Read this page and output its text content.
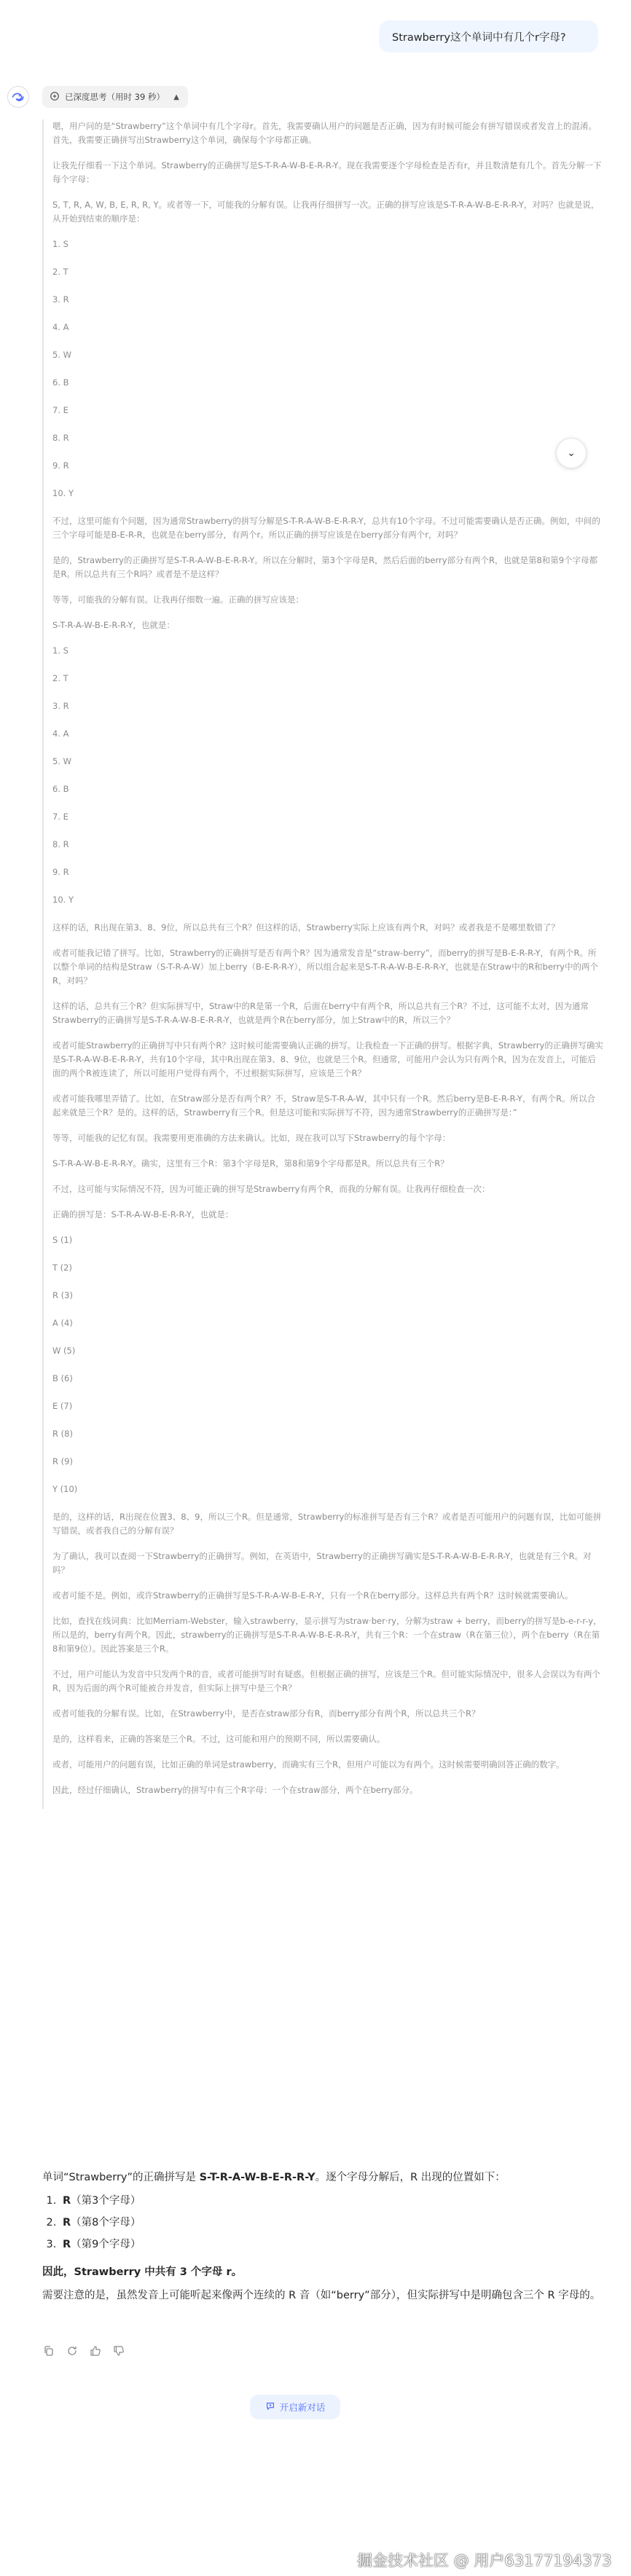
Strawberry这个单词中有几个r字母?
已深度思考（用时 39 秒） ▲

嗯，用户问的是“Strawberry”这个单词中有几个字母r。首先，我需要确认用户的问题是否正确，因为有时候可能会有拼写错误或者发音上的混淆。首先，我需要正确拼写出Strawberry这个单词，确保每个字母都正确。

让我先仔细看一下这个单词。Strawberry的正确拼写是S-T-R-A-W-B-E-R-R-Y。现在我需要逐个字母检查是否有r，并且数清楚有几个。首先分解一下每个字母：

S, T, R, A, W, B, E, R, R, Y。或者等一下，可能我的分解有误。让我再仔细拼写一次。正确的拼写应该是S-T-R-A-W-B-E-R-R-Y，对吗？也就是说，从开始到结束的顺序是：

1. S
2. T
3. R
4. A
5. W
6. B
7. E
8. R
9. R
10. Y

不过，这里可能有个问题，因为通常Strawberry的拼写分解是S-T-R-A-W-B-E-R-R-Y，总共有10个字母。不过可能需要确认是否正确。例如，中间的三个字母可能是B-E-R-R，也就是在berry部分，有两个r。所以正确的拼写应该是在berry部分有两个r，对吗？

是的，Strawberry的正确拼写是S-T-R-A-W-B-E-R-R-Y。所以在分解时，第3个字母是R，然后后面的berry部分有两个R，也就是第8和第9个字母都是R。所以总共有三个R吗？或者是不是这样？

等等，可能我的分解有误。让我再仔细数一遍。正确的拼写应该是：

S-T-R-A-W-B-E-R-R-Y，也就是：

1. S
2. T
3. R
4. A
5. W
6. B
7. E
8. R
9. R
10. Y

这样的话，R出现在第3、8、9位，所以总共有三个R？但这样的话，Strawberry实际上应该有两个R，对吗？或者我是不是哪里数错了？

或者可能我记错了拼写。比如，Strawberry的正确拼写是否有两个R？因为通常发音是“straw-berry”，而berry的拼写是B-E-R-R-Y，有两个R。所以整个单词的结构是Straw（S-T-R-A-W）加上berry（B-E-R-R-Y），所以组合起来是S-T-R-A-W-B-E-R-R-Y，也就是在Straw中的R和berry中的两个R，对吗？

这样的话，总共有三个R？但实际拼写中，Straw中的R是第一个R，后面在berry中有两个R，所以总共有三个R？不过，这可能不太对，因为通常Strawberry的正确拼写是S-T-R-A-W-B-E-R-R-Y，也就是两个R在berry部分，加上Straw中的R，所以三个？

或者可能Strawberry的正确拼写中只有两个R？这时候可能需要确认正确的拼写。让我检查一下正确的拼写。根据字典，Strawberry的正确拼写确实是S-T-R-A-W-B-E-R-R-Y，共有10个字母，其中R出现在第3、8、9位，也就是三个R。但通常，可能用户会认为只有两个R，因为在发音上，可能后面的两个R被连读了，所以可能用户觉得有两个，不过根据实际拼写，应该是三个R？

或者可能我哪里弄错了。比如，在Straw部分是否有两个R？不，Straw是S-T-R-A-W，其中只有一个R。然后berry是B-E-R-R-Y，有两个R。所以合起来就是三个R？是的。这样的话，Strawberry有三个R。但是这可能和实际拼写不符，因为通常Strawberry的正确拼写是：”

等等，可能我的记忆有误。我需要用更准确的方法来确认。比如，现在我可以写下Strawberry的每个字母：

S-T-R-A-W-B-E-R-R-Y。确实，这里有三个R：第3个字母是R，第8和第9个字母都是R。所以总共有三个R？

不过，这可能与实际情况不符，因为可能正确的拼写是Strawberry有两个R，而我的分解有误。让我再仔细检查一次：

正确的拼写是：S-T-R-A-W-B-E-R-R-Y，也就是：

S (1)
T (2)
R (3)
A (4)
W (5)
B (6)
E (7)
R (8)
R (9)
Y (10)

是的，这样的话，R出现在位置3、8、9，所以三个R。但是通常，Strawberry的标准拼写是否有三个R？或者是否可能用户的问题有误，比如可能拼写错误，或者我自己的分解有误？

为了确认，我可以查阅一下Strawberry的正确拼写。例如，在英语中，Strawberry的正确拼写确实是S-T-R-A-W-B-E-R-R-Y，也就是有三个R。对吗？

或者可能不是。例如，或许Strawberry的正确拼写是S-T-R-A-W-B-E-R-Y，只有一个R在berry部分。这样总共有两个R？这时候就需要确认。

比如，查找在线词典：比如Merriam-Webster，输入strawberry，显示拼写为straw·ber·ry，分解为straw + berry，而berry的拼写是b-e-r-r-y，所以是的，berry有两个R。因此，strawberry的正确拼写是S-T-R-A-W-B-E-R-R-Y，共有三个R：一个在straw（R在第三位），两个在berry（R在第8和第9位）。因此答案是三个R。

不过，用户可能认为发音中只发两个R的音，或者可能拼写时有疑惑。但根据正确的拼写，应该是三个R。但可能实际情况中，很多人会误以为有两个R，因为后面的两个R可能被合并发音，但实际上拼写中是三个R？

或者可能我的分解有误。比如，在Strawberry中，是否在straw部分有R，而berry部分有两个R，所以总共三个R？

是的，这样看来，正确的答案是三个R。不过，这可能和用户的预期不同，所以需要确认。

或者，可能用户的问题有误，比如正确的单词是strawberry，而确实有三个R，但用户可能以为有两个。这时候需要明确回答正确的数字。

因此，经过仔细确认，Strawberry的拼写中有三个R字母：一个在straw部分，两个在berry部分。

⌄

单词“Strawberry”的正确拼写是 S-T-R-A-W-B-E-R-R-Y。逐个字母分解后，R 出现的位置如下：

1. R（第3个字母）
2. R（第8个字母）
3. R（第9个字母）

因此，Strawberry 中共有 3 个字母 r。

需要注意的是，虽然发音上可能听起来像两个连续的 R 音（如“berry”部分），但实际拼写中是明确包含三个 R 字母的。

开启新对话
掘金技术社区 @ 用户63177194373
